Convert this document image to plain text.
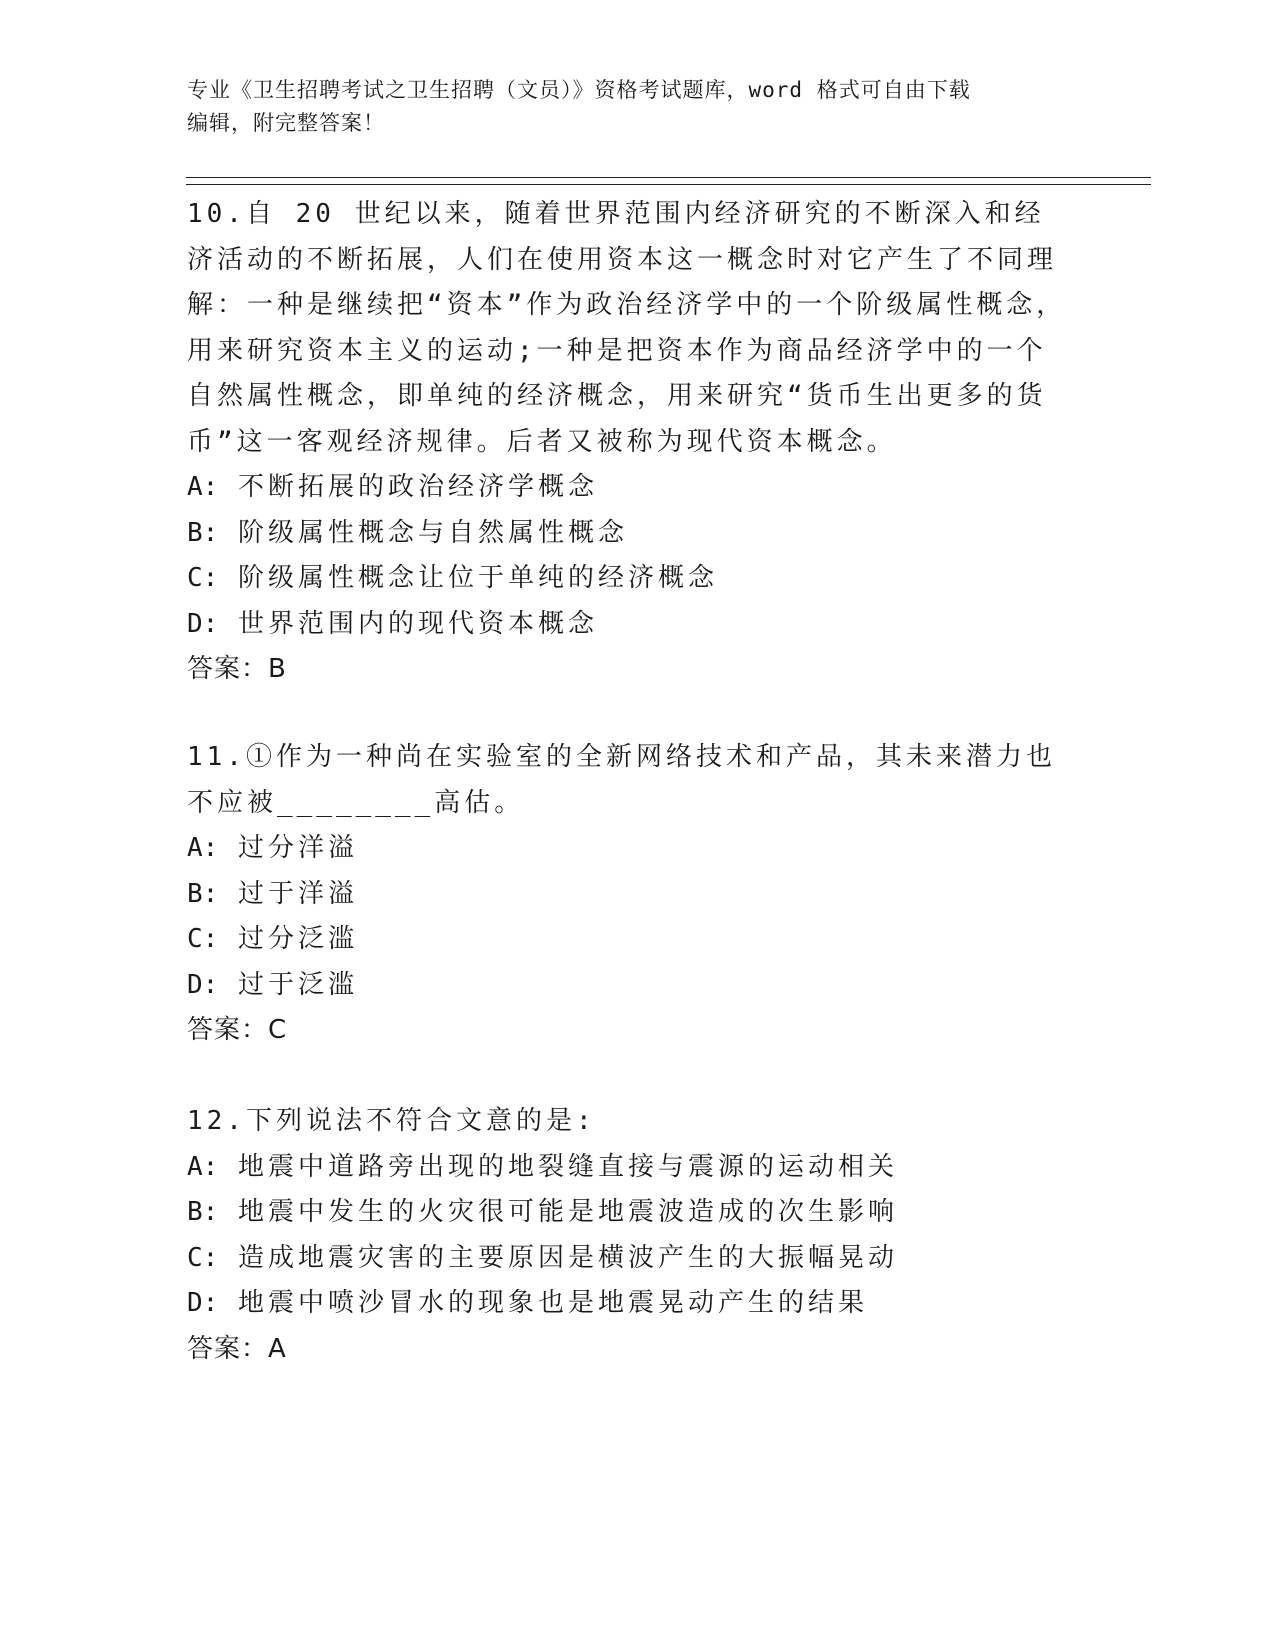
专业《卫生招聘考试之卫生招聘（文员）》资格考试题库，word 格式可自由下载
编辑，附完整答案！

10.自 20 世纪以来，随着世界范围内经济研究的不断深入和经济活动的不断拓展，人们在使用资本这一概念时对它产生了不同理解：一种是继续把“资本”作为政治经济学中的一个阶级属性概念，用来研究资本主义的运动;一种是把资本作为商品经济学中的一个自然属性概念，即单纯的经济概念，用来研究“货币生出更多的货币”这一客观经济规律。后者又被称为现代资本概念。

A: 不断拓展的政治经济学概念

B: 阶级属性概念与自然属性概念

C: 阶级属性概念让位于单纯的经济概念

D: 世界范围内的现代资本概念

答案：B

11.①作为一种尚在实验室的全新网络技术和产品，其未来潜力也不应被________高估。

A: 过分洋溢

B: 过于洋溢

C: 过分泛滥

D: 过于泛滥

答案：C

12.下列说法不符合文意的是:

A: 地震中道路旁出现的地裂缝直接与震源的运动相关

B: 地震中发生的火灾很可能是地震波造成的次生影响

C: 造成地震灾害的主要原因是横波产生的大振幅晃动

D: 地震中喷沙冒水的现象也是地震晃动产生的结果

答案：A
